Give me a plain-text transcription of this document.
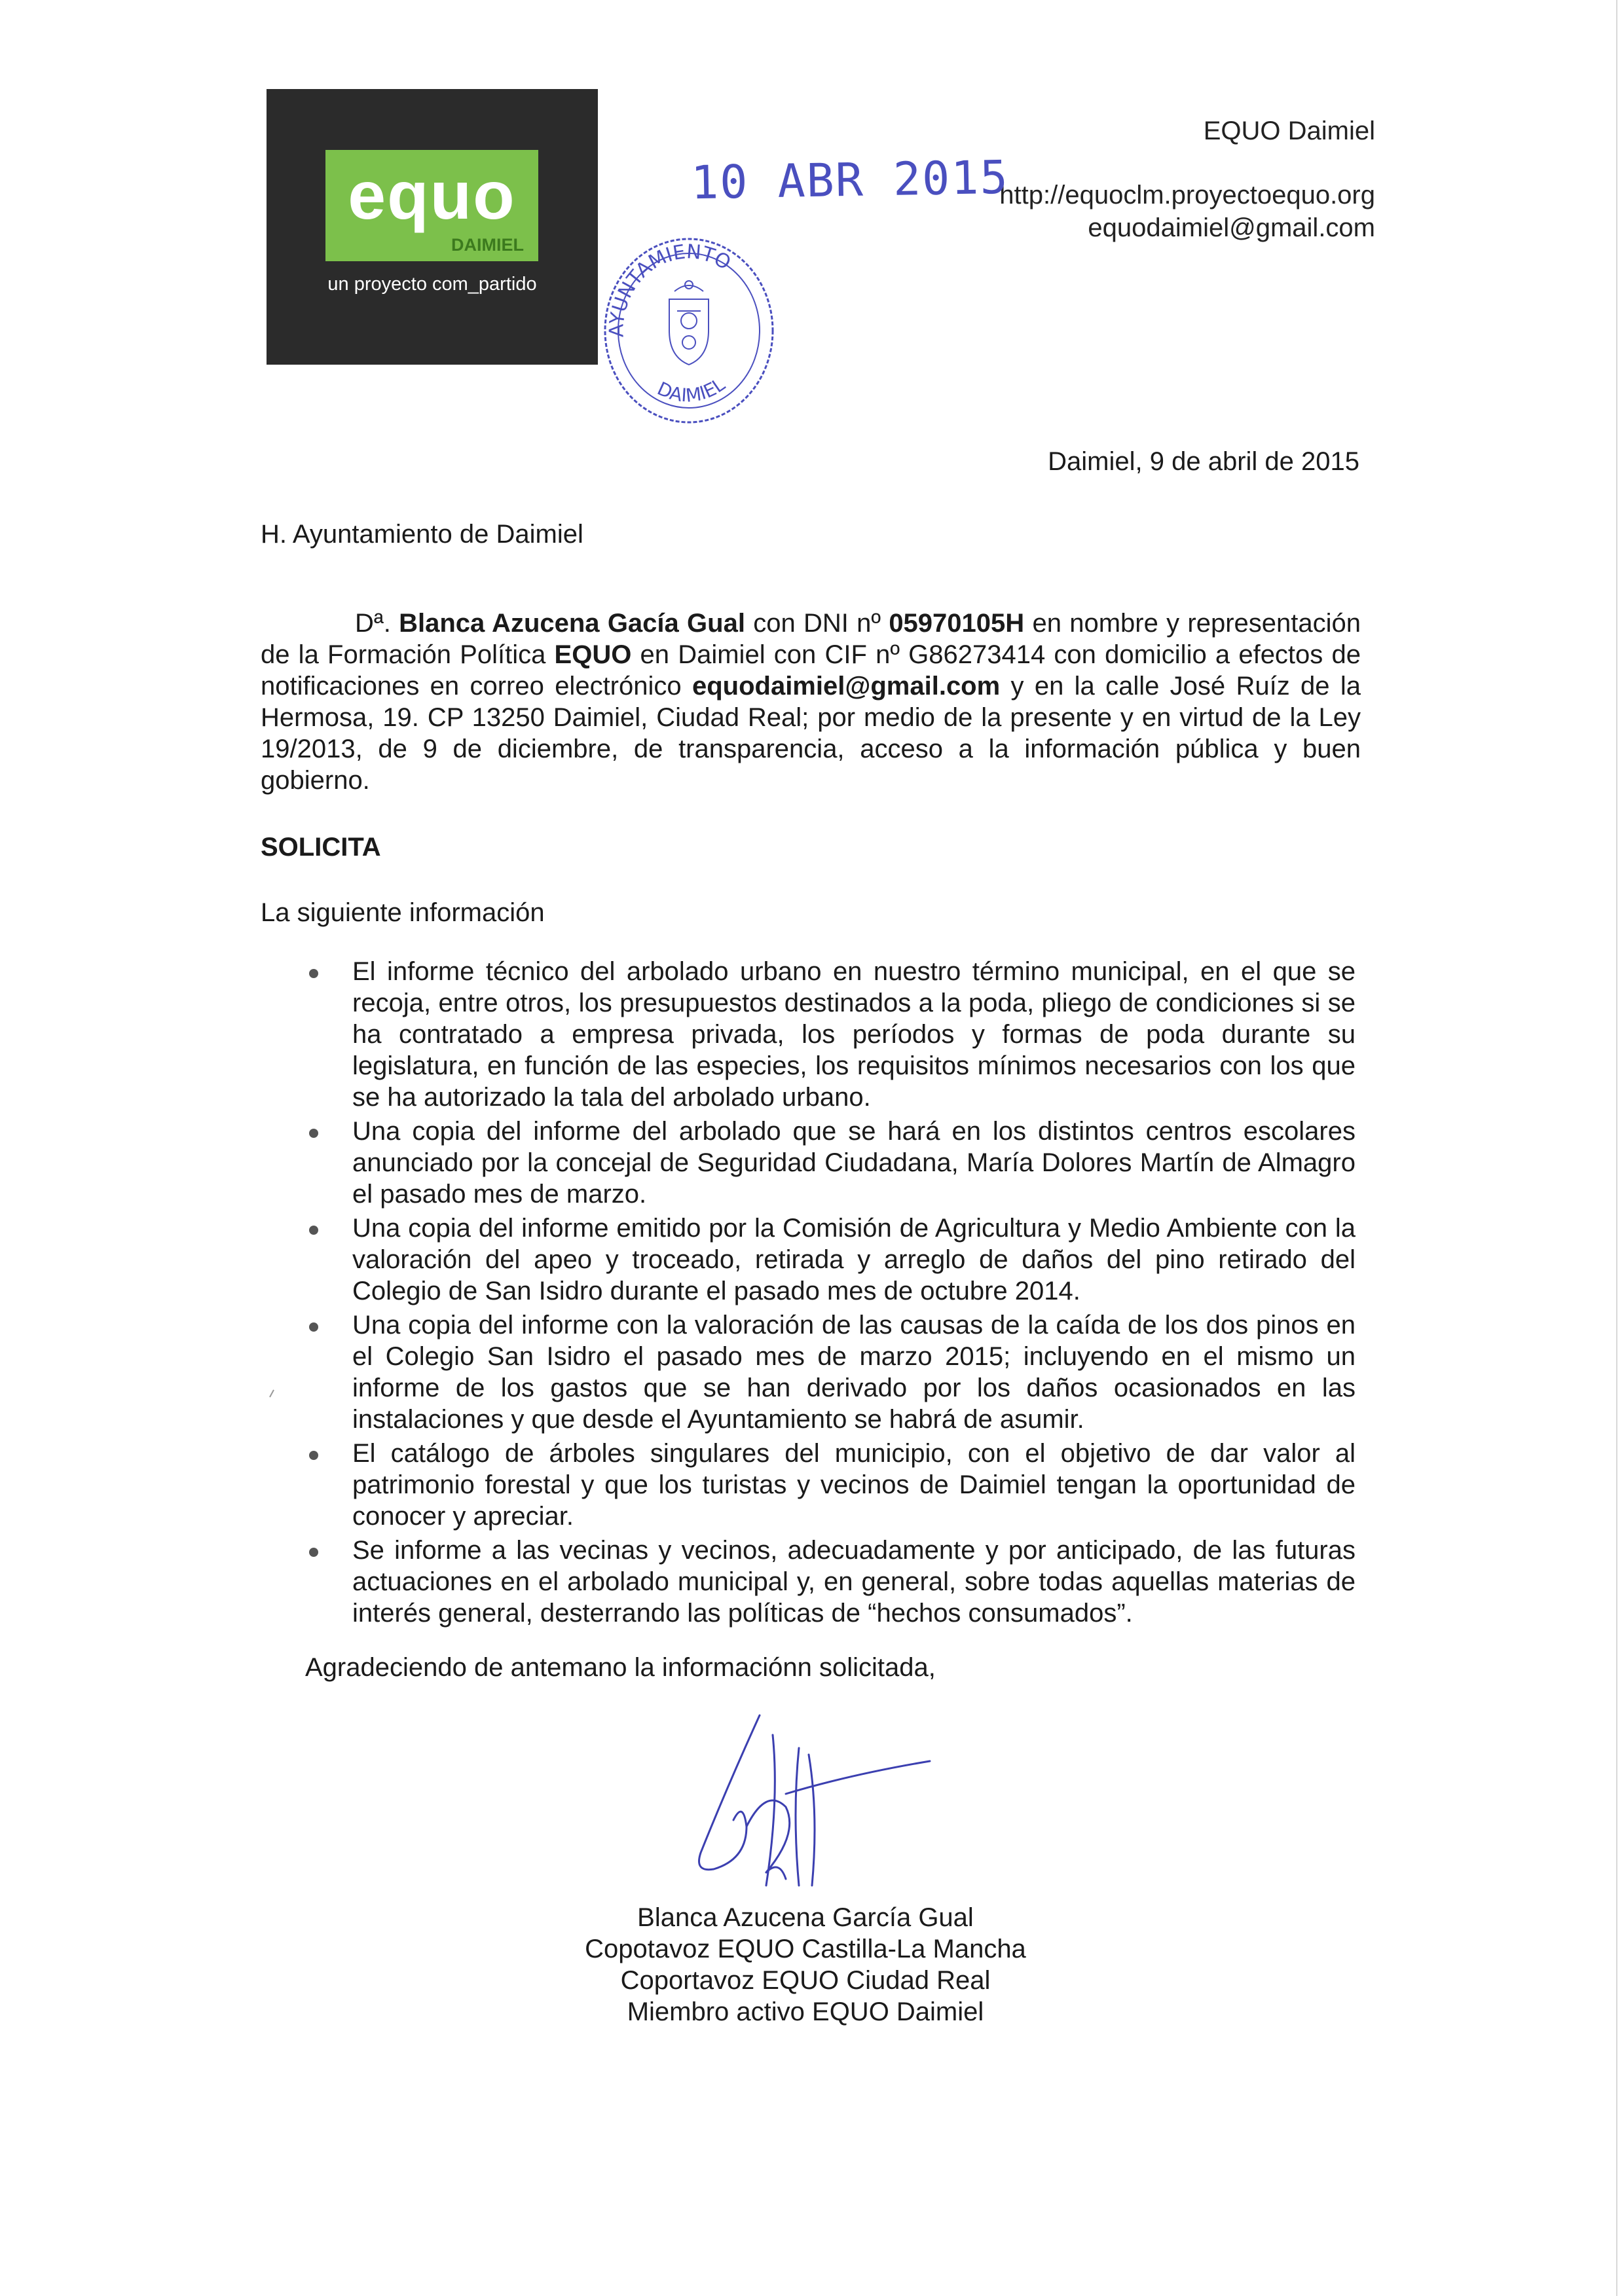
equo
DAIMIEL
un proyecto com_partido
EQUO Daimiel
http://equoclm.proyectoequo.org
equodaimiel@gmail.com
10 ABR 2015
AYUNTAMIENTO
DAIMIEL
Daimiel, 9 de abril de 2015
H. Ayuntamiento de Daimiel
Dª. Blanca Azucena Gacía Gual con DNI nº 05970105H en nombre y representación de la Formación Política EQUO en Daimiel con CIF nº G86273414 con domicilio a efectos de notificaciones en correo electrónico equodaimiel@gmail.com y en la calle José Ruíz de la Hermosa, 19. CP 13250 Daimiel, Ciudad Real; por medio de la presente y en virtud de la Ley 19/2013, de 9 de diciembre, de transparencia, acceso a la información pública y buen gobierno.
SOLICITA
La siguiente información
El informe técnico del arbolado urbano en nuestro término municipal, en el que se recoja, entre otros, los presupuestos destinados a la poda, pliego de condiciones si se ha contratado a empresa privada, los períodos y formas de poda durante su legislatura, en función de las especies, los requisitos mínimos necesarios con los que se ha autorizado la tala del arbolado urbano.
Una copia del informe del arbolado que se hará en los distintos centros escolares anunciado por la concejal de Seguridad Ciudadana, María Dolores Martín de Almagro el pasado mes de marzo.
Una copia del informe emitido por la Comisión de Agricultura y Medio Ambiente con la valoración del apeo y troceado, retirada y arreglo de daños del pino retirado del Colegio de San Isidro durante el pasado mes de octubre 2014.
Una copia del informe con la valoración de las causas de la caída de los dos pinos en el Colegio San Isidro el pasado mes de marzo 2015; incluyendo en el mismo un informe de los gastos que se han derivado por los daños ocasionados en las instalaciones y que desde el Ayuntamiento se habrá de asumir.
El catálogo de árboles singulares del municipio, con el objetivo de dar valor al patrimonio forestal y que los turistas y vecinos de Daimiel tengan la oportunidad de conocer y apreciar.
Se informe a las vecinas y vecinos, adecuadamente y por anticipado, de las futuras actuaciones en el arbolado municipal y, en general, sobre todas aquellas materias de interés general, desterrando las políticas de “hechos consumados”.
Agradeciendo de antemano la informaciónn solicitada,
Blanca Azucena García Gual
Copotavoz EQUO Castilla-La Mancha
Coportavoz EQUO Ciudad Real
Miembro activo EQUO Daimiel
